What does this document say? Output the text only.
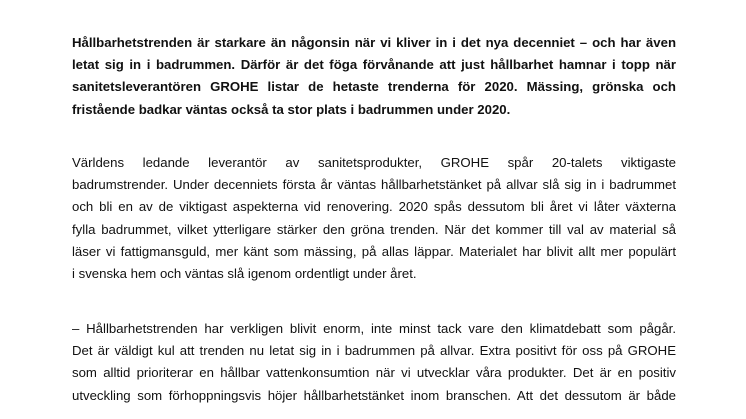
Hållbarhetstrenden är starkare än någonsin när vi kliver in i det nya decenniet – och har även
letat sig in i badrummen. Därför är det föga förvånande att just hållbarhet hamnar i topp när
sanitetsleverantören GROHE listar de hetaste trenderna för 2020. Mässing, grönska och
fristående badkar väntas också ta stor plats i badrummen under 2020.

Världens ledande leverantör av sanitetsprodukter, GROHE spår 20-talets viktigaste
badrumstrender. Under decenniets första år väntas hållbarhetstänket på allvar slå sig in i badrummet
och bli en av de viktigast aspekterna vid renovering. 2020 spås dessutom bli året vi låter växterna
fylla badrummet, vilket ytterligare stärker den gröna trenden. När det kommer till val av material så
läser vi fattigmansguld, mer känt som mässing, på allas läppar. Materialet har blivit allt mer populärt
i svenska hem och väntas slå igenom ordentligt under året.

– Hållbarhetstrenden har verkligen blivit enorm, inte minst tack vare den klimatdebatt som pågår.
Det är väldigt kul att trenden nu letat sig in i badrummen på allvar. Extra positivt för oss på GROHE
som alltid prioriterar en hållbar vattenkonsumtion när vi utvecklar våra produkter. Det är en positiv
utveckling som förhoppningsvis höjer hållbarhetstänket inom branschen. Att det dessutom är både
